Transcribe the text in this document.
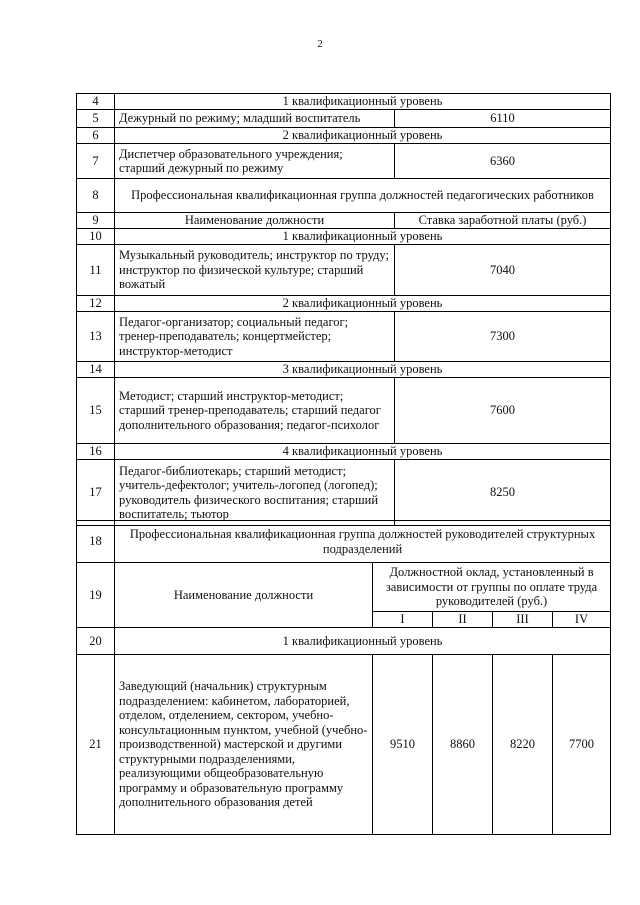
2
4	1 квалификационный уровень	
5	Дежурный по режиму; младший воспитатель	6110
6	2 квалификационный уровень	
7	Диспетчер образовательного учреждения; старший дежурный по режиму	6360
8	Профессиональная квалификационная группа должностей педагогических работников	
9	Наименование должности	Ставка заработной платы (руб.)
10	1 квалификационный уровень	
11	Музыкальный руководитель; инструктор по труду; инструктор по физической культуре; старший вожатый	7040
12	2 квалификационный уровень	
13	Педагог-организатор; социальный педагог; тренер-преподаватель; концертмейстер; инструктор-методист	7300
14	3 квалификационный уровень	
15	Методист; старший инструктор-методист; старший тренер-преподаватель; старший педагог дополнительного образования; педагог-психолог	7600
16	4 квалификационный уровень	
17	Педагог-библиотекарь; старший методист; учитель-дефектолог; учитель-логопед (логопед); руководитель физического воспитания; старший воспитатель; тьютор	8250
18	Профессиональная квалификационная группа должностей руководителей структурных подразделений				
19	Наименование должности	Должностной оклад, установленный в зависимости от группы по оплате труда руководителей (руб.)			
		I	II	III	IV
20	1 квалификационный уровень				
21	Заведующий (начальник) структурным подразделением: кабинетом, лабораторией, отделом, отделением, сектором, учебно-консультационным пунктом, учебной (учебно-производственной) мастерской и другими структурными подразделениями, реализующими общеобразовательную программу и образовательную программу дополнительного образования детей	9510	8860	8220	7700
